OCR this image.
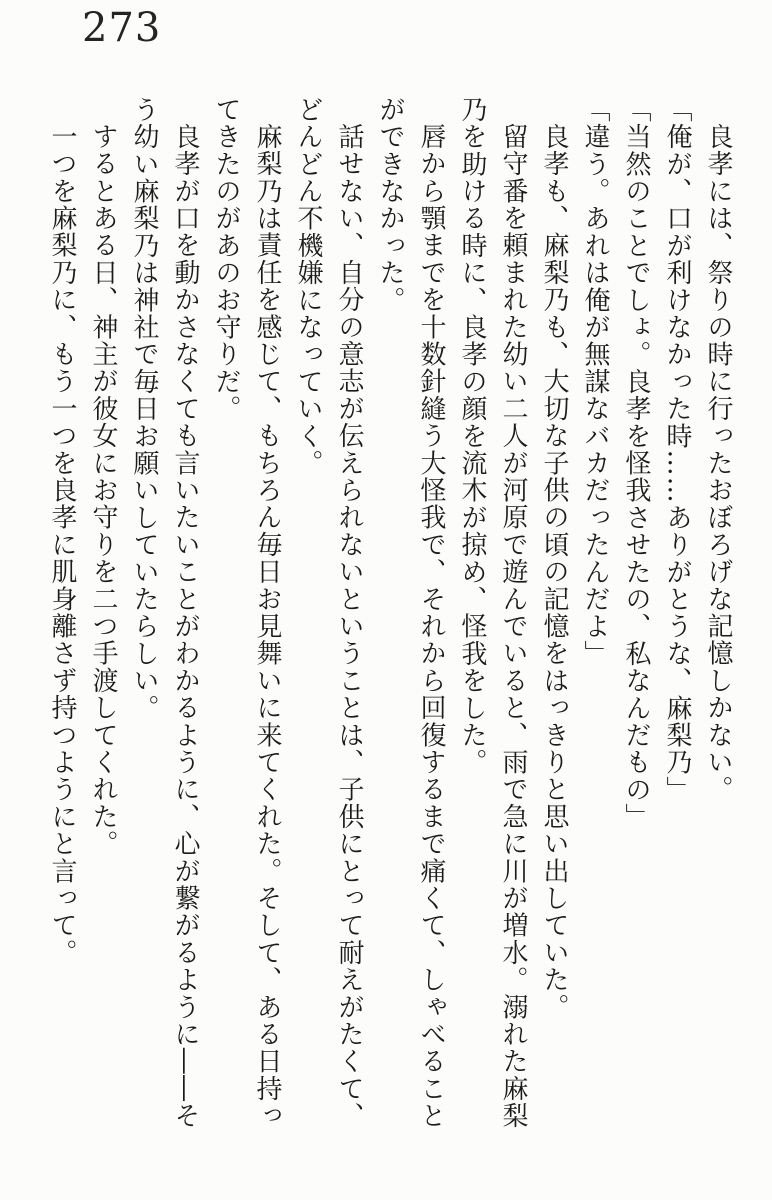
273
良孝には、祭りの時に行ったおぼろげな記憶しかない。
「俺が、口が利けなかった時……ありがとうな、麻梨乃」
「当然のことでしょ。良孝を怪我させたの、私なんだもの」
「違う。あれは俺が無謀なバカだったんだよ」
良孝も、麻梨乃も、大切な子供の頃の記憶をはっきりと思い出していた。
留守番を頼まれた幼い二人が河原で遊んでいると、雨で急に川が増水。溺れた麻梨
乃を助ける時に、良孝の顔を流木が掠め、怪我をした。
唇から顎までを十数針縫う大怪我で、それから回復するまで痛くて、しゃべること
ができなかった。
話せない、自分の意志が伝えられないということは、子供にとって耐えがたくて、
どんどん不機嫌になっていく。
麻梨乃は責任を感じて、もちろん毎日お見舞いに来てくれた。そして、ある日持っ
てきたのがあのお守りだ。
良孝が口を動かさなくても言いたいことがわかるように、心が繋がるように――そ
う幼い麻梨乃は神社で毎日お願いしていたらしい。
するとある日、神主が彼女にお守りを二つ手渡してくれた。
一つを麻梨乃に、もう一つを良孝に肌身離さず持つようにと言って。
